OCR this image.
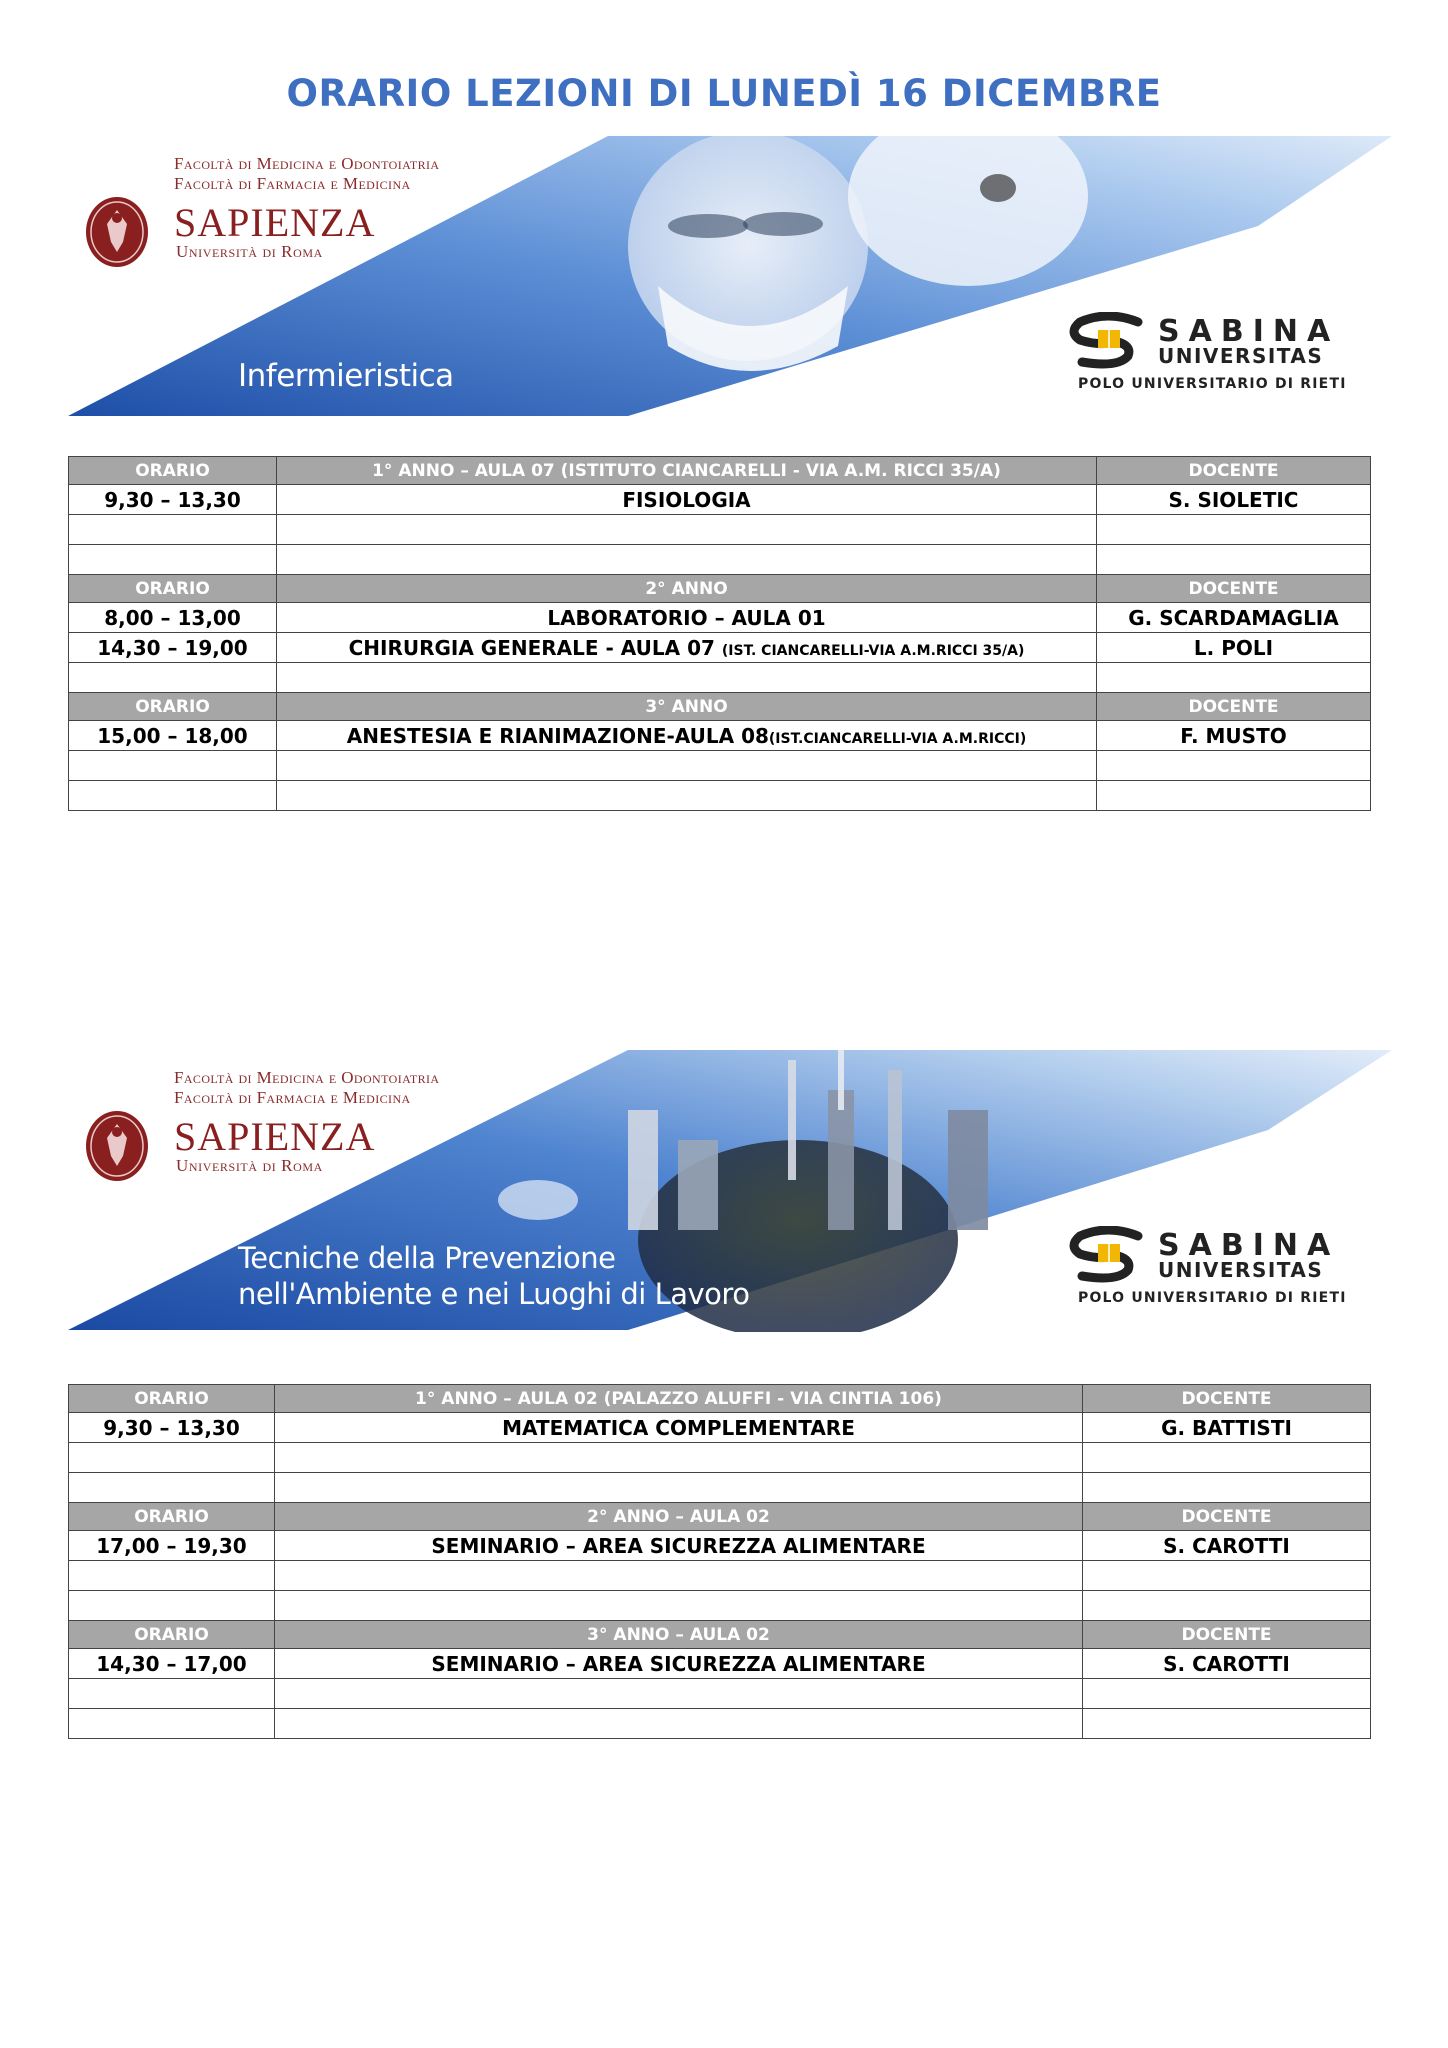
ORARIO LEZIONI DI LUNEDÌ 16 DICEMBRE
Facoltà di Medicina e Odontoiatria
Facoltà di Farmacia e Medicina
SAPIENZA
Università di Roma
Infermieristica
SABINA
UNIVERSITAS
POLO UNIVERSITARIO DI RIETI
ORARIO	1° ANNO – AULA 07 (ISTITUTO CIANCARELLI - VIA A.M. RICCI 35/A)	DOCENTE
9,30 – 13,30	FISIOLOGIA	S. SIOLETIC

ORARIO	2° ANNO	DOCENTE
8,00 – 13,00	LABORATORIO – AULA 01	G. SCARDAMAGLIA
14,30 – 19,00	CHIRURGIA GENERALE - AULA 07 (IST. CIANCARELLI-VIA A.M.RICCI 35/A)	L. POLI

ORARIO	3° ANNO	DOCENTE
15,00 – 18,00	ANESTESIA E RIANIMAZIONE-AULA 08(IST.CIANCARELLI-VIA A.M.RICCI)	F. MUSTO

Facoltà di Medicina e Odontoiatria
Facoltà di Farmacia e Medicina
SAPIENZA
Università di Roma
Tecniche della Prevenzione
nell'Ambiente e nei Luoghi di Lavoro
SABINA
UNIVERSITAS
POLO UNIVERSITARIO DI RIETI
ORARIO	1° ANNO – AULA 02 (PALAZZO ALUFFI - VIA CINTIA 106)	DOCENTE
9,30 – 13,30	MATEMATICA COMPLEMENTARE	G. BATTISTI

ORARIO	2° ANNO – AULA 02	DOCENTE
17,00 – 19,30	SEMINARIO – AREA SICUREZZA ALIMENTARE	S. CAROTTI

ORARIO	3° ANNO – AULA 02	DOCENTE
14,30 – 17,00	SEMINARIO – AREA SICUREZZA ALIMENTARE	S. CAROTTI
